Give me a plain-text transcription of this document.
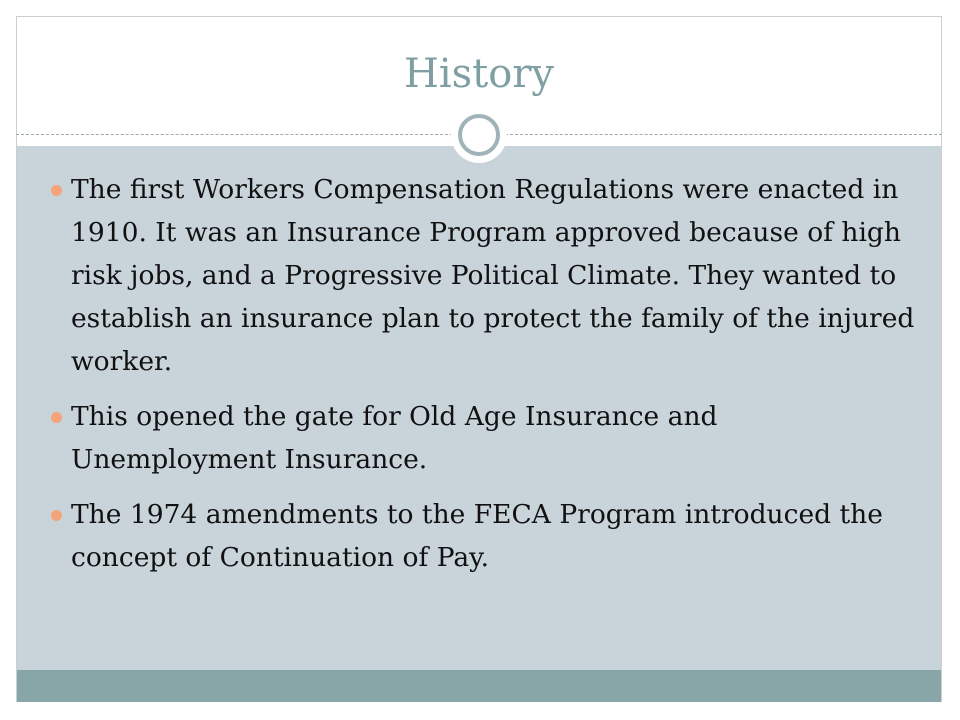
History
The first Workers Compensation Regulations were enacted in 1910. It was an Insurance Program approved because of high risk jobs, and a Progressive Political Climate. They wanted to establish an insurance plan to protect the family of the injured worker.
This opened the gate for Old Age Insurance and Unemployment Insurance.
The 1974 amendments to the FECA Program introduced the concept of Continuation of Pay.
